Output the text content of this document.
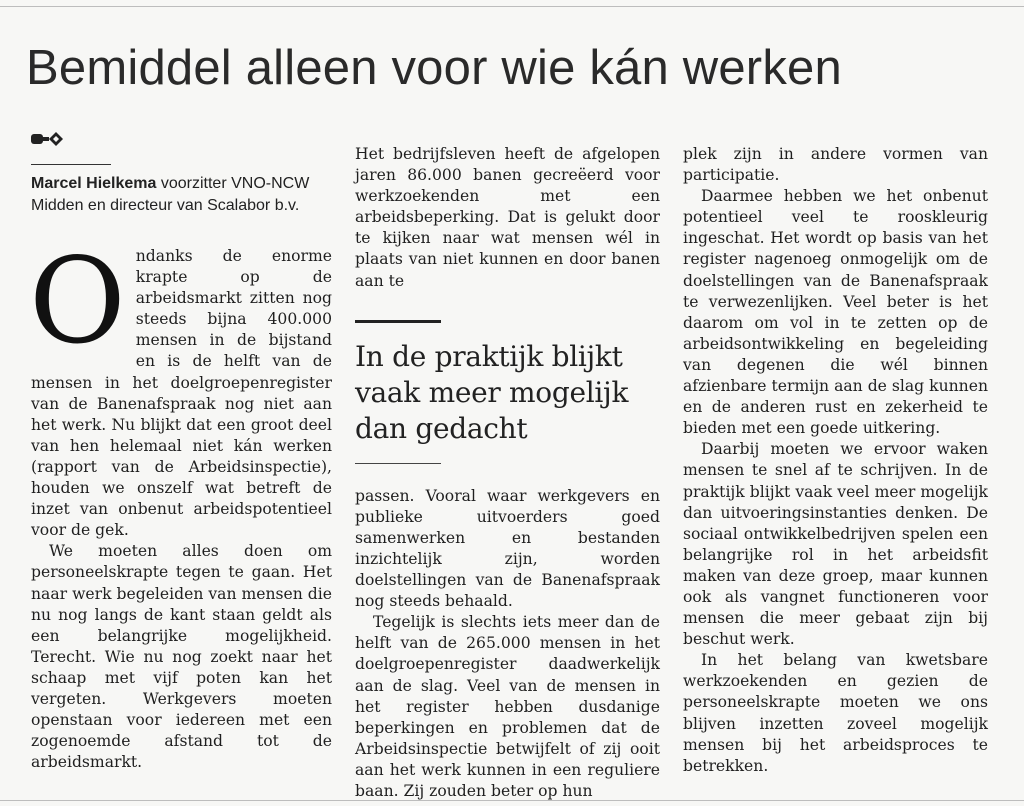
Bemiddel alleen voor wie kán werken
Marcel Hielkema voorzitter VNO-NCW Midden en directeur van Scalabor b.v.
O ndanks de enorme krapte op de arbeidsmarkt zitten nog steeds bijna 400.000 mensen in de bijstand en is de helft van de mensen in het doelgroepenregister van de Banenafspraak nog niet aan het werk. Nu blijkt dat een groot deel van hen helemaal niet kán werken (rapport van de Arbeidsinspectie), houden we onszelf wat betreft de inzet van onbenut arbeidspotentieel voor de gek.

We moeten alles doen om personeelskrapte tegen te gaan. Het naar werk begeleiden van mensen die nu nog langs de kant staan geldt als een belangrijke mogelijkheid. Terecht. Wie nu nog zoekt naar het schaap met vijf poten kan het vergeten. Werkgevers moeten openstaan voor iedereen met een zogenoemde afstand tot de arbeidsmarkt.

Het bedrijfsleven heeft de afgelopen jaren 86.000 banen gecreëerd voor werkzoekenden met een arbeidsbeperking. Dat is gelukt door te kijken naar wat mensen wél in plaats van niet kunnen en door banen aan te

In de praktijk blijkt vaak meer mogelijk dan gedacht

passen. Vooral waar werkgevers en publieke uitvoerders goed samenwerken en bestanden inzichtelijk zijn, worden doelstellingen van de Banenafspraak nog steeds behaald.

Tegelijk is slechts iets meer dan de helft van de 265.000 mensen in het doelgroepenregister daadwerkelijk aan de slag. Veel van de mensen in het register hebben dusdanige beperkingen en problemen dat de Arbeidsinspectie betwijfelt of zij ooit aan het werk kunnen in een reguliere baan. Zij zouden beter op hun

plek zijn in andere vormen van participatie.

Daarmee hebben we het onbenut potentieel veel te rooskleurig ingeschat. Het wordt op basis van het register nagenoeg onmogelijk om de doelstellingen van de Banenafspraak te verwezenlijken. Veel beter is het daarom om vol in te zetten op de arbeidsontwikkeling en begeleiding van degenen die wél binnen afzienbare termijn aan de slag kunnen en de anderen rust en zekerheid te bieden met een goede uitkering.

Daarbij moeten we ervoor waken mensen te snel af te schrijven. In de praktijk blijkt vaak veel meer mogelijk dan uitvoeringsinstanties denken. De sociaal ontwikkelbedrijven spelen een belangrijke rol in het arbeidsfit maken van deze groep, maar kunnen ook als vangnet functioneren voor mensen die meer gebaat zijn bij beschut werk.

In het belang van kwetsbare werkzoekenden en gezien de personeelskrapte moeten we ons blijven inzetten zoveel mogelijk mensen bij het arbeidsproces te betrekken.
